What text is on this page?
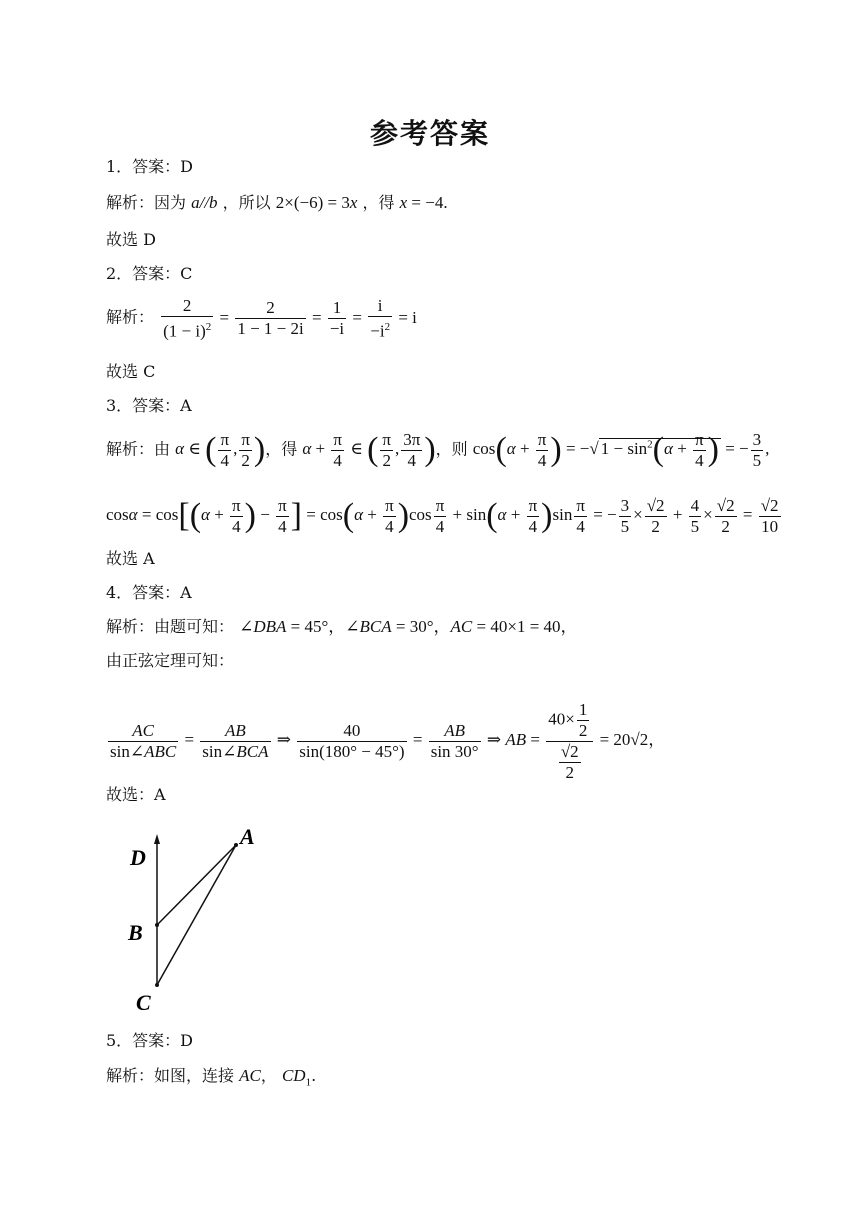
参考答案
1．答案：D
解析：因为 a//b ，所以 2×(−6) = 3x ，得 x = −4.
故选 D
2．答案：C
解析： $\frac{2}{(1 - i)^2} = \frac{2}{1 - 1 - 2i} = \frac{1}{-i} = \frac{i}{-i^2} = i$
故选 C
3．答案：A
解析：由 α ∈ ( $\frac{\pi}{4}$ , $\frac{\pi}{2}$ )，得 $\alpha + \frac{\pi}{4}$ ∈ ( $\frac{\pi}{2}$ , $\frac{3\pi}{4}$ )，则 $\cos(\alpha + \frac{\pi}{4}$ ) = −√ $1 - \sin^2(\alpha + \frac{\pi}{4}$ ) = − $\frac{3}{5}$ ,
$\cos\alpha = \cos[(\alpha + \frac{\pi}{4}$ ) − $\frac{\pi}{4}$ ] = $\cos(\alpha + \frac{\pi}{4} )\cos \frac{\pi}{4} + \sin(\alpha + \frac{\pi}{4} )\sin \frac{\pi}{4}$ = − $\frac{3}{5} \times \frac{√2}{2} + \frac{4}{5} \times \frac{√2}{2} = \frac{√2}{10}$
故选 A
4．答案：A
解析：由题可知： ∠DBA = 45°，∠BCA = 30°，AC = 40×1 = 40，
由正弦定理可知：
$\frac{AC}{\text{sin∠ABC}} = \frac{AB}{\text{sin∠BCA}}$ ⇒ $\frac{40}{\sin(180^\circ - 45^\circ)} = \frac{AB}{\sin 30^\circ}$ ⇒ AB = $\frac{40\times \frac{1}{2}}{\frac{√2}{2}} = 20√2$，
故选：A
D
A
B
C
5．答案：D
解析：如图，连接 AC， $CD_1$.
